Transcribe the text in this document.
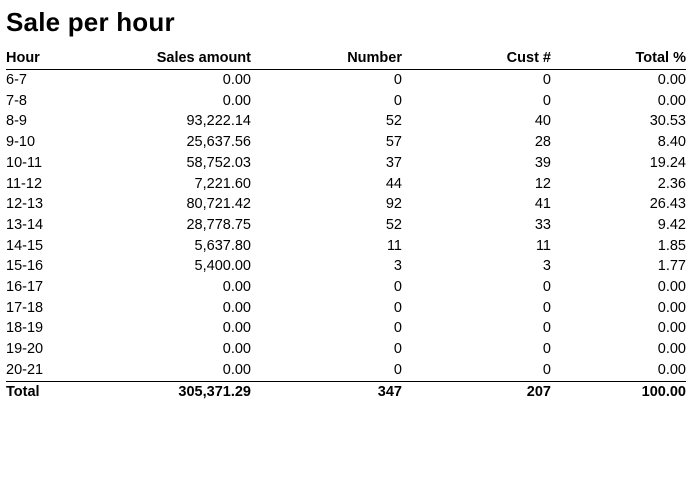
Sale per hour
Hour	Sales amount	Number	Cust #	Total %
6-7	0.00	0	0	0.00
7-8	0.00	0	0	0.00
8-9	93,222.14	52	40	30.53
9-10	25,637.56	57	28	8.40
10-11	58,752.03	37	39	19.24
11-12	7,221.60	44	12	2.36
12-13	80,721.42	92	41	26.43
13-14	28,778.75	52	33	9.42
14-15	5,637.80	11	11	1.85
15-16	5,400.00	3	3	1.77
16-17	0.00	0	0	0.00
17-18	0.00	0	0	0.00
18-19	0.00	0	0	0.00
19-20	0.00	0	0	0.00
20-21	0.00	0	0	0.00
Total	305,371.29	347	207	100.00
